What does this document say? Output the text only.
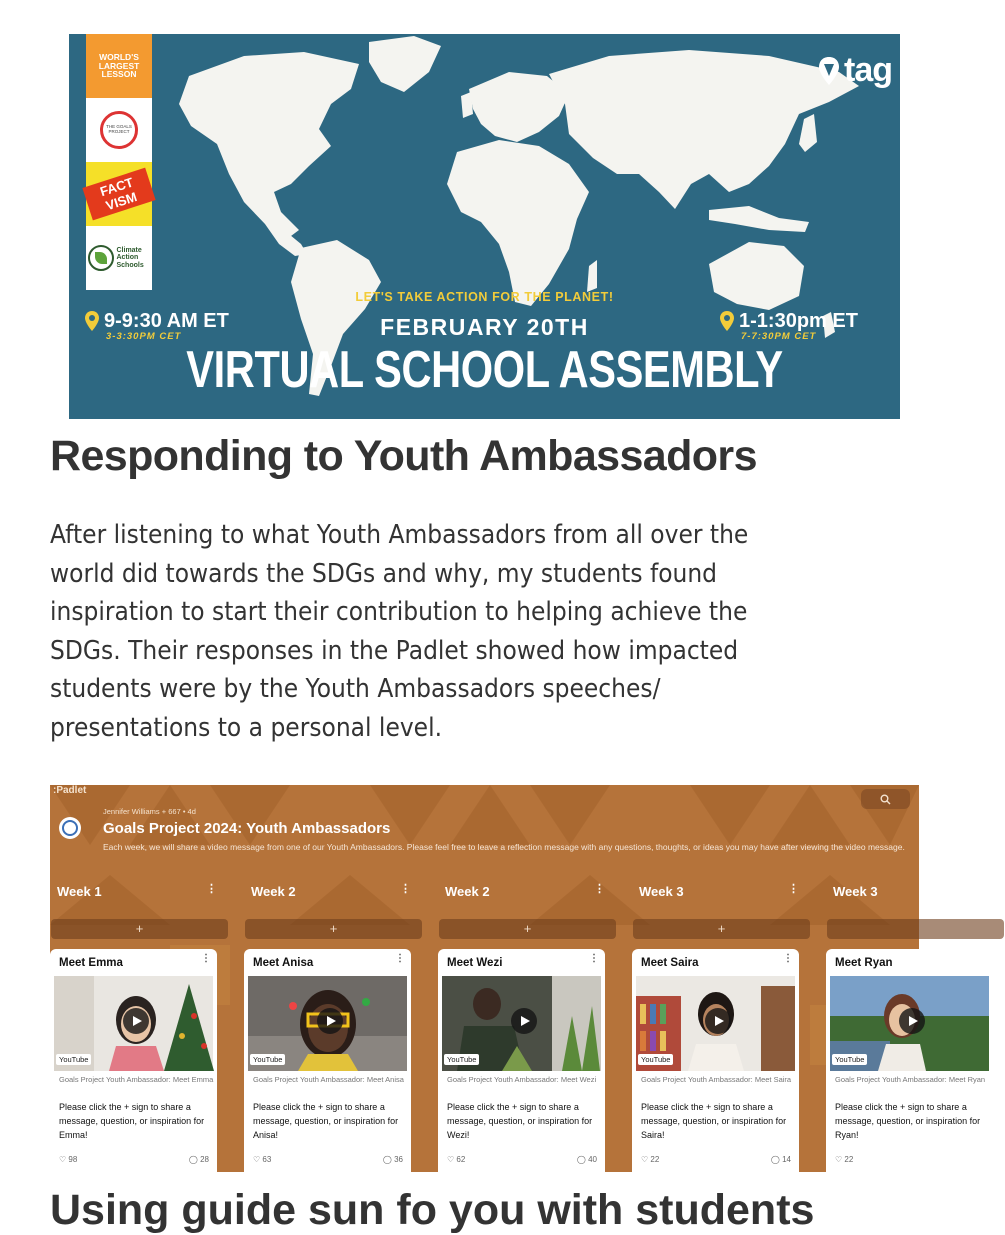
WORLD'S LARGEST LESSON
THE GOALS PROJECT
FACT VISM
Climate Action Schools
tag
9-9:30 AM ET
3-3:30PM CET
LET'S TAKE ACTION FOR THE PLANET!
FEBRUARY 20TH	1-1:30pm ET
7-7:30PM CET
VIRTUAL SCHOOL ASSEMBLY
Responding to Youth Ambassadors
After listening to what Youth Ambassadors from all over the
world did towards the SDGs and why, my students found
inspiration to start their contribution to helping achieve the
SDGs. Their responses in the Padlet showed how impacted
students were by the Youth Ambassadors speeches/
presentations to a personal level.
:Padlet
Jennifer Williams + 667 • 4d
Goals Project 2024: Youth Ambassadors
Each week, we will share a video message from one of our Youth Ambassadors. Please feel free to leave a reflection message with any questions, thoughts, or ideas you may have after viewing the video message.
Week 1	⋮
+
Meet Emma	⋮
YouTube
Goals Project Youth Ambassador: Meet Emma
Please click the + sign to share a message, question, or inspiration for Emma!
♡ 98	◯ 28
Week 2	⋮
+
Meet Anisa	⋮
YouTube
Goals Project Youth Ambassador: Meet Anisa
Please click the + sign to share a message, question, or inspiration for Anisa!
♡ 63	◯ 36
Week 2	⋮
+
Meet Wezi	⋮
YouTube
Goals Project Youth Ambassador: Meet Wezi
Please click the + sign to share a message, question, or inspiration for Wezi!
♡ 62	◯ 40
Week 3	⋮
+
Meet Saira	⋮
YouTube
Goals Project Youth Ambassador: Meet Saira
Please click the + sign to share a message, question, or inspiration for Saira!
♡ 22	◯ 14
Week 3
Meet Ryan
YouTube
Goals Project Youth Ambassador: Meet Ryan
Please click the + sign to share a message, question, or inspiration for Ryan!
♡ 22
Using guide sun fo you with students
